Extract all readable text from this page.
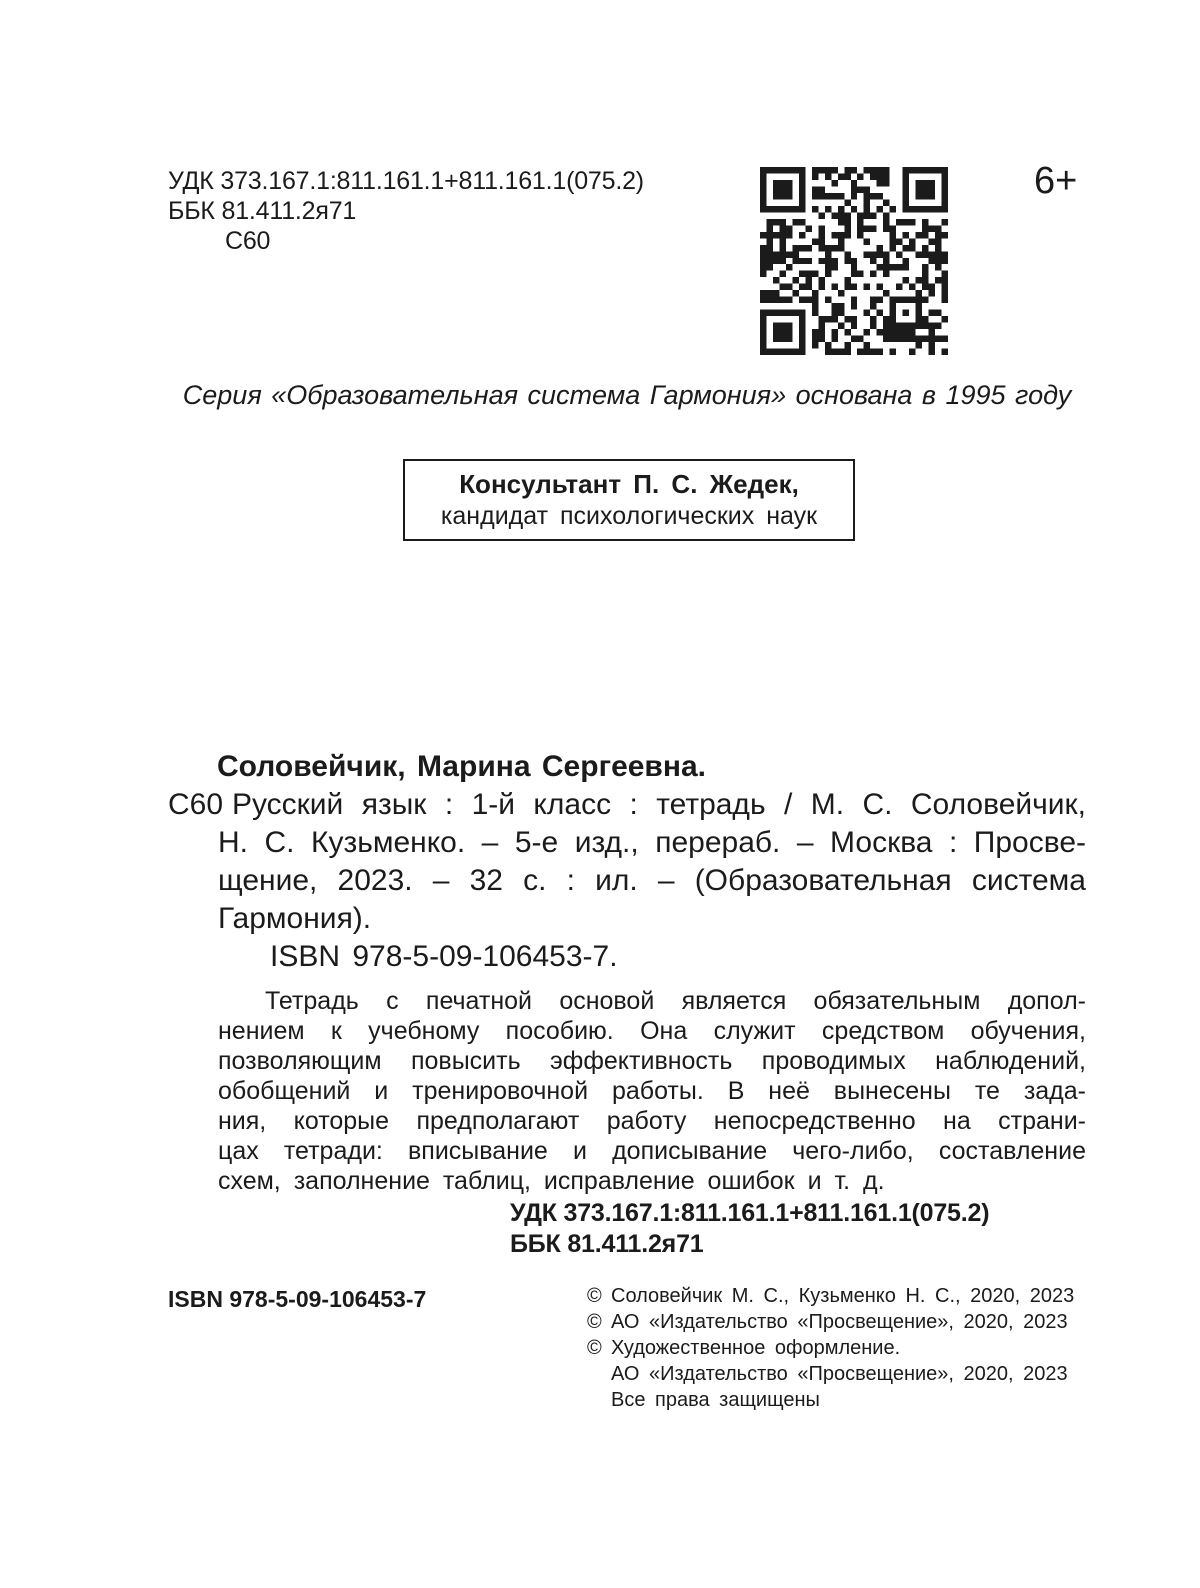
УДК 373.167.1:811.161.1+811.161.1(075.2)
ББК 81.411.2я71
С60
6+
Серия «Образовательная система Гармония» основана в 1995 году
Консультант П. С. Жедек,
кандидат психологических наук
Соловейчик, Марина Сергеевна.
С60 Русский язык : 1-й класс : тетрадь / М. С. Соловейчик,
Н. С. Кузьменко. – 5-е изд., перераб. – Москва : Просве-
щение, 2023. – 32 с. : ил. – (Образовательная система
Гармония).
ISBN 978-5-09-106453-7.
Тетрадь с печатной основой является обязательным допол-
нением к учебному пособию. Она служит средством обучения,
позволяющим повысить эффективность проводимых наблюдений,
обобщений и тренировочной работы. В неё вынесены те зада-
ния, которые предполагают работу непосредственно на страни-
цах тетради: вписывание и дописывание чего-либо, составление
схем, заполнение таблиц, исправление ошибок и т. д.
УДК 373.167.1:811.161.1+811.161.1(075.2)
ББК 81.411.2я71
ISBN 978-5-09-106453-7	© Соловейчик М. С., Кузьменко Н. С., 2020, 2023
© АО «Издательство «Просвещение», 2020, 2023
© Художественное оформление.
АО «Издательство «Просвещение», 2020, 2023
Все права защищены
